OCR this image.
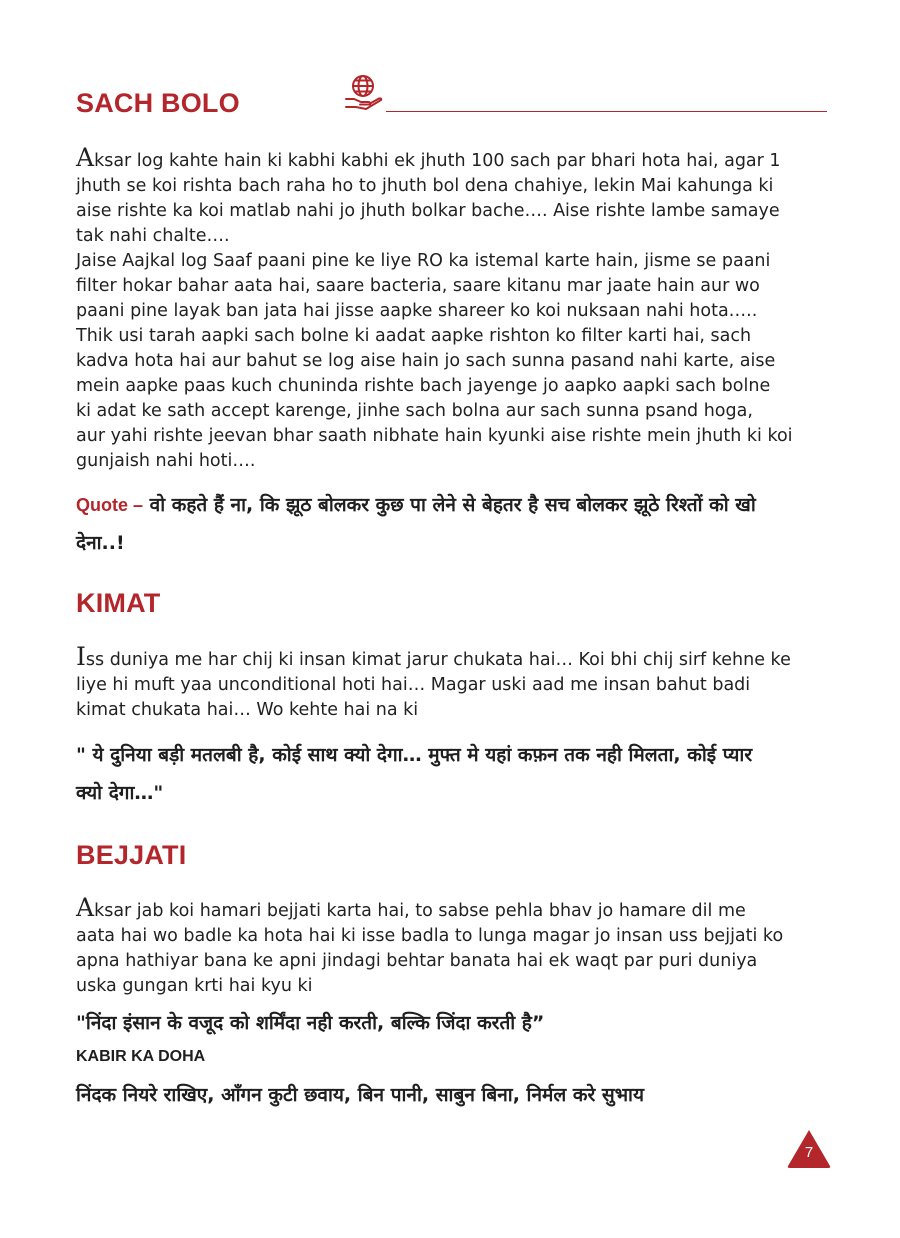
SACH BOLO
Aksar log kahte hain ki kabhi kabhi ek jhuth 100 sach par bhari hota hai, agar 1
jhuth se koi rishta bach raha ho to jhuth bol dena chahiye, lekin Mai kahunga ki
aise rishte ka koi matlab nahi jo jhuth bolkar bache…. Aise rishte lambe samaye
tak nahi chalte….
Jaise Aajkal log Saaf paani pine ke liye RO ka istemal karte hain, jisme se paani
filter hokar bahar aata hai, saare bacteria, saare kitanu mar jaate hain aur wo
paani pine layak ban jata hai jisse aapke shareer ko koi nuksaan nahi hota…..
Thik usi tarah aapki sach bolne ki aadat aapke rishton ko filter karti hai, sach
kadva hota hai aur bahut se log aise hain jo sach sunna pasand nahi karte, aise
mein aapke paas kuch chuninda rishte bach jayenge jo aapko aapki sach bolne
ki adat ke sath accept karenge, jinhe sach bolna aur sach sunna psand hoga,
aur yahi rishte jeevan bhar saath nibhate hain kyunki aise rishte mein jhuth ki koi
gunjaish nahi hoti….
Quote – वो कहते हैं ना, कि झूठ बोलकर कुछ पा लेने से बेहतर है सच बोलकर झूठे रिश्तों को खो
देना..!
KIMAT
Iss duniya me har chij ki insan kimat jarur chukata hai… Koi bhi chij sirf kehne ke
liye hi muft yaa unconditional hoti hai… Magar uski aad me insan bahut badi
kimat chukata hai… Wo kehte hai na ki
" ये दुनिया बड़ी मतलबी है, कोई साथ क्यो देगा… मुफ्त मे यहां कफ़न तक नही मिलता, कोई प्यार
क्यो देगा…"
BEJJATI
Aksar jab koi hamari bejjati karta hai, to sabse pehla bhav jo hamare dil me
aata hai wo badle ka hota hai ki isse badla to lunga magar jo insan uss bejjati ko
apna hathiyar bana ke apni jindagi behtar banata hai ek waqt par puri duniya
uska gungan krti hai kyu ki
"निंदा इंसान के वजूद को शर्मिंदा नही करती, बल्कि जिंदा करती है”
KABIR KA DOHA
निंदक नियरे राखिए, आँगन कुटी छवाय, बिन पानी, साबुन बिना, निर्मल करे सुभाय
7
